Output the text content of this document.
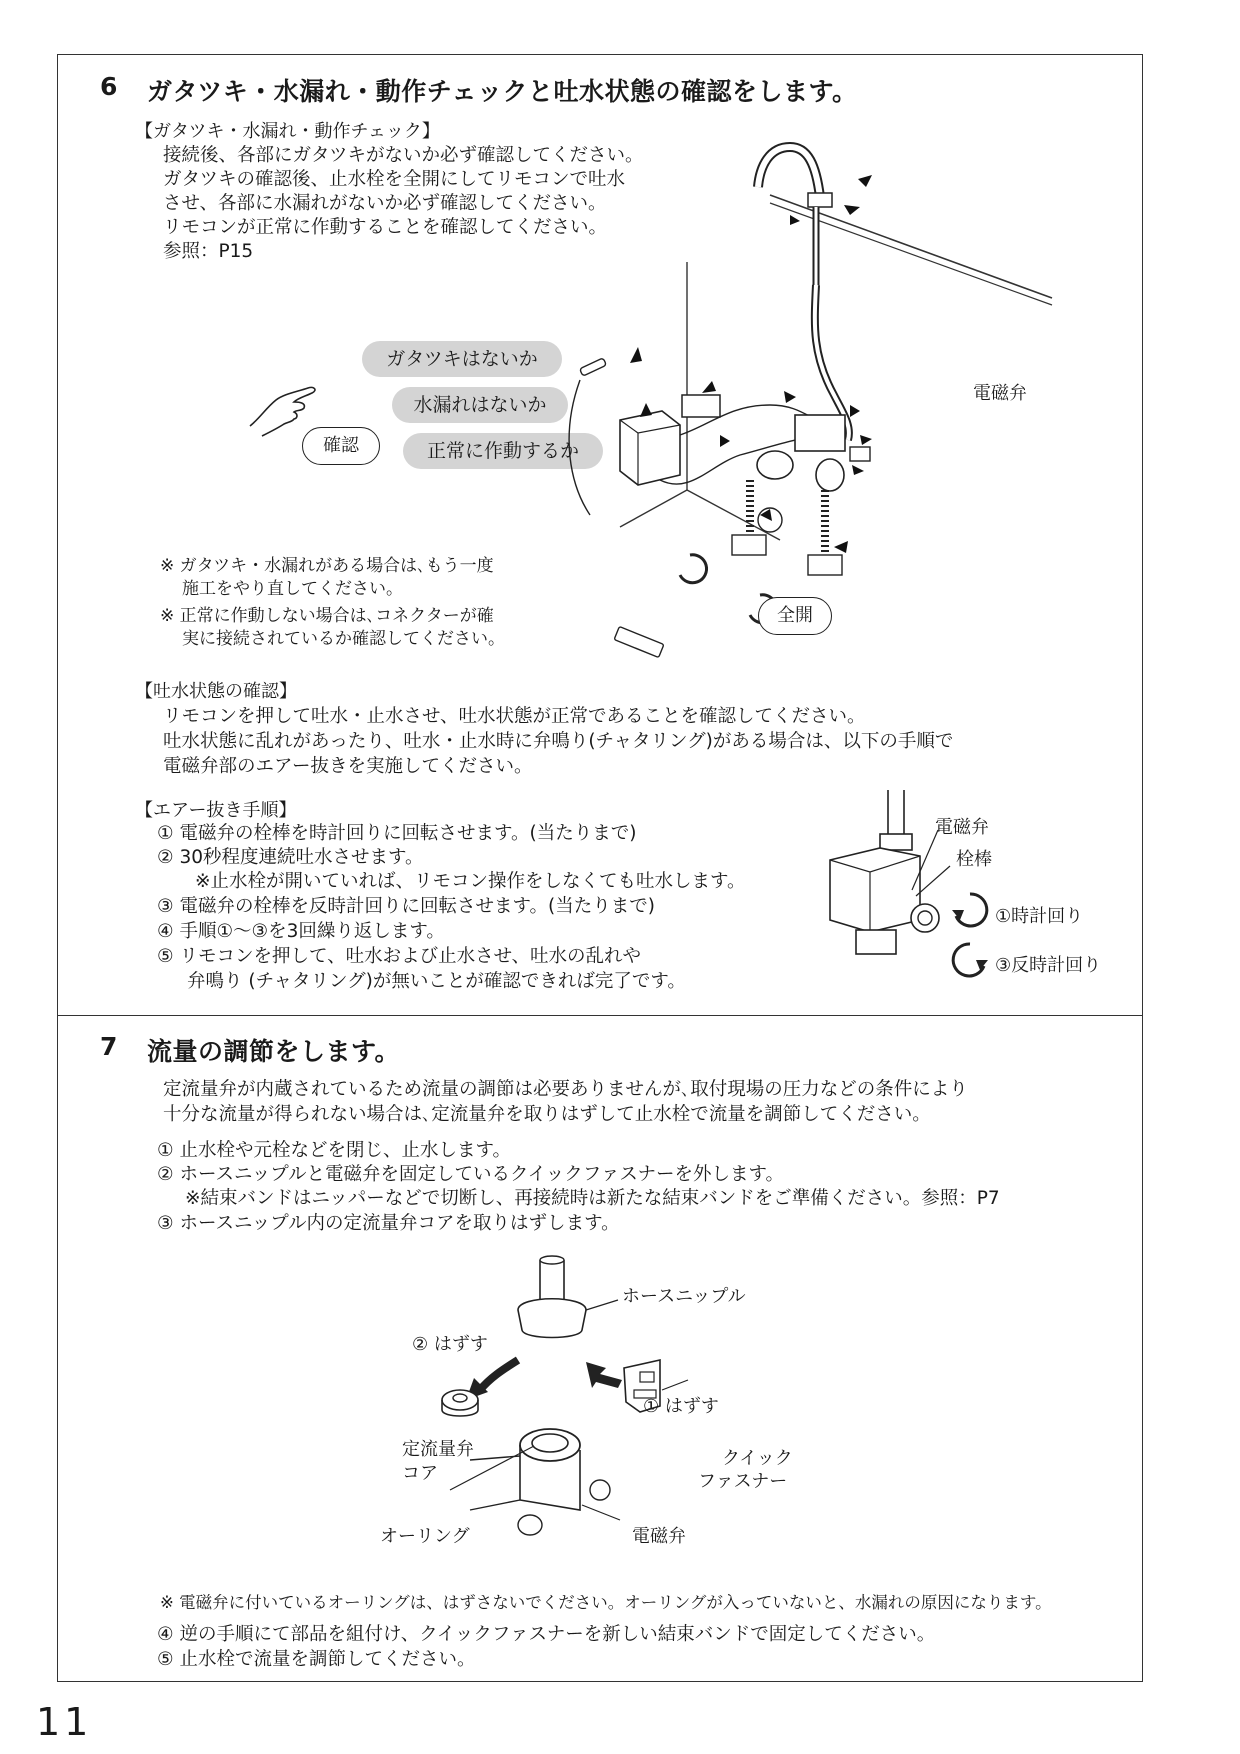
6 ガタツキ・水漏れ・動作チェックと吐水状態の確認をします。
【ガタツキ・水漏れ・動作チェック】
接続後、各部にガタツキがないか必ず確認してください。
ガタツキの確認後、止水栓を全開にしてリモコンで吐水
させ、各部に水漏れがないか必ず確認してください。
リモコンが正常に作動することを確認してください。
参照：P15
ガタツキはないか
水漏れはないか
正常に作動するか
確認
電磁弁
全開
※ ガタツキ・水漏れがある場合は､もう一度
施工をやり直してください。
※ 正常に作動しない場合は､コネクターが確
実に接続されているか確認してください。
【吐水状態の確認】
リモコンを押して吐水・止水させ、吐水状態が正常であることを確認してください。
吐水状態に乱れがあったり、吐水・止水時に弁鳴り(チャタリング)がある場合は、以下の手順で
電磁弁部のエアー抜きを実施してください。
【エアー抜き手順】
① 電磁弁の栓棒を時計回りに回転させます。(当たりまで)
② 30秒程度連続吐水させます。
※止水栓が開いていれば、リモコン操作をしなくても吐水します。
③ 電磁弁の栓棒を反時計回りに回転させます。(当たりまで)
④ 手順①～③を3回繰り返します。
⑤ リモコンを押して、吐水および止水させ、吐水の乱れや
弁鳴り (チャタリング)が無いことが確認できれば完了です。
電磁弁
栓棒
①時計回り
③反時計回り
7 流量の調節をします。
定流量弁が内蔵されているため流量の調節は必要ありませんが､取付現場の圧力などの条件により
十分な流量が得られない場合は､定流量弁を取りはずして止水栓で流量を調節してください。
① 止水栓や元栓などを閉じ、止水します。
② ホースニップルと電磁弁を固定しているクイックファスナーを外します。
※結束バンドはニッパーなどで切断し、再接続時は新たな結束バンドをご準備ください。参照：P7
③ ホースニップル内の定流量弁コアを取りはずします。
ホースニップル
② はずす
① はずす
定流量弁
コア
クイック
ファスナー
オーリング	電磁弁
※ 電磁弁に付いているオーリングは、はずさないでください。オーリングが入っていないと、水漏れの原因になります。
④ 逆の手順にて部品を組付け、クイックファスナーを新しい結束バンドで固定してください。
⑤ 止水栓で流量を調節してください。
11
